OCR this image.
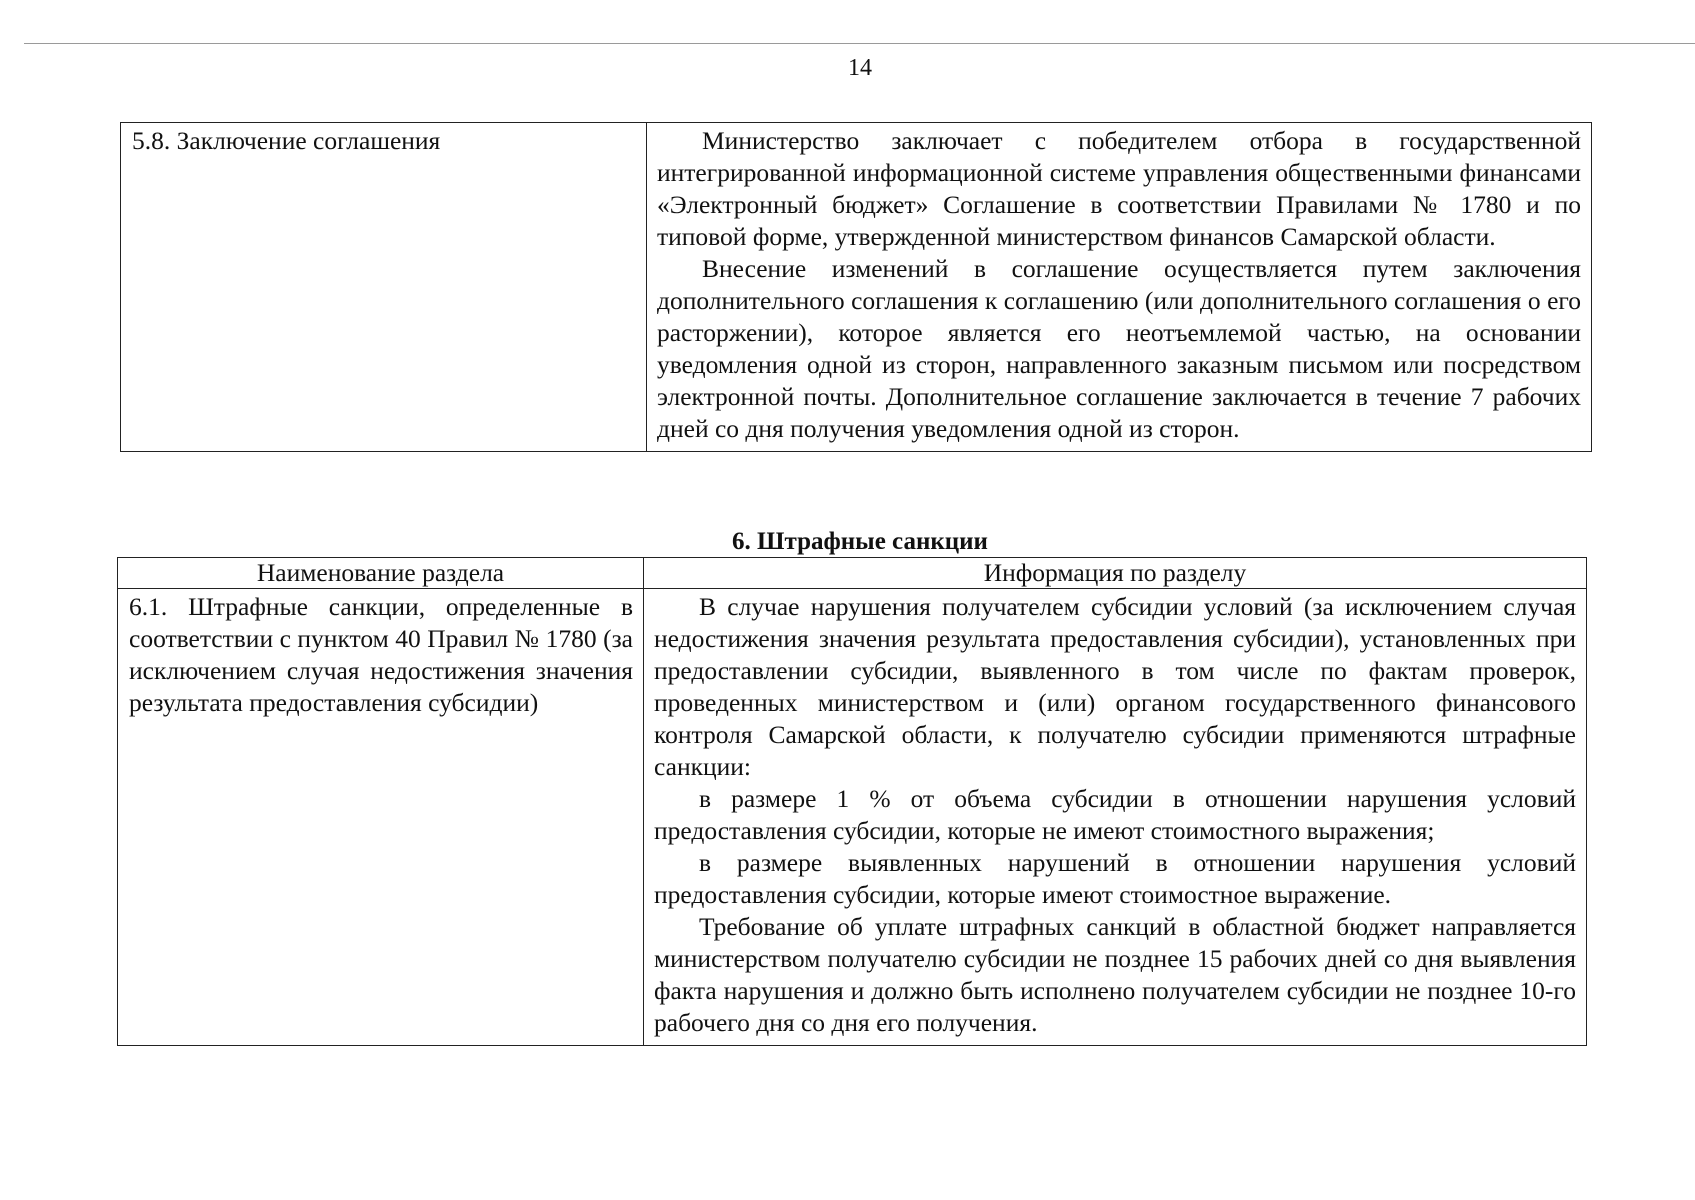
14
5.8. Заключение соглашения	Министерство заключает с победителем отбора в государственной интегрированной информационной системе управления общественными финансами «Электронный бюджет» Соглашение в соответствии Правилами № 1780 и по типовой форме, утвержденной министерством финансов Самарской области.

Внесение изменений в соглашение осуществляется путем заключения дополнительного соглашения к соглашению (или дополнительного соглашения о его расторжении), которое является его неотъемлемой частью, на основании уведомления одной из сторон, направленного заказным письмом или посредством электронной почты. Дополнительное соглашение заключается в течение 7 рабочих дней со дня получения уведомления одной из сторон.

6. Штрафные санкции
Наименование раздела	Информация по разделу

6.1. Штрафные санкции, определенные в соответствии с пунктом 40 Правил № 1780 (за исключением случая недостижения значения результата предоставления субсидии)	В случае нарушения получателем субсидии условий (за исключением случая недостижения значения результата предоставления субсидии), установленных при предоставлении субсидии, выявленного в том числе по фактам проверок, проведенных министерством и (или) органом государственного финансового контроля Самарской области, к получателю субсидии применяются штрафные санкции:

в размере 1 % от объема субсидии в отношении нарушения условий предоставления субсидии, которые не имеют стоимостного выражения;

в размере выявленных нарушений в отношении нарушения условий предоставления субсидии, которые имеют стоимостное выражение.

Требование об уплате штрафных санкций в областной бюджет направляется министерством получателю субсидии не позднее 15 рабочих дней со дня выявления факта нарушения и должно быть исполнено получателем субсидии не позднее 10-го рабочего дня со дня его получения.
